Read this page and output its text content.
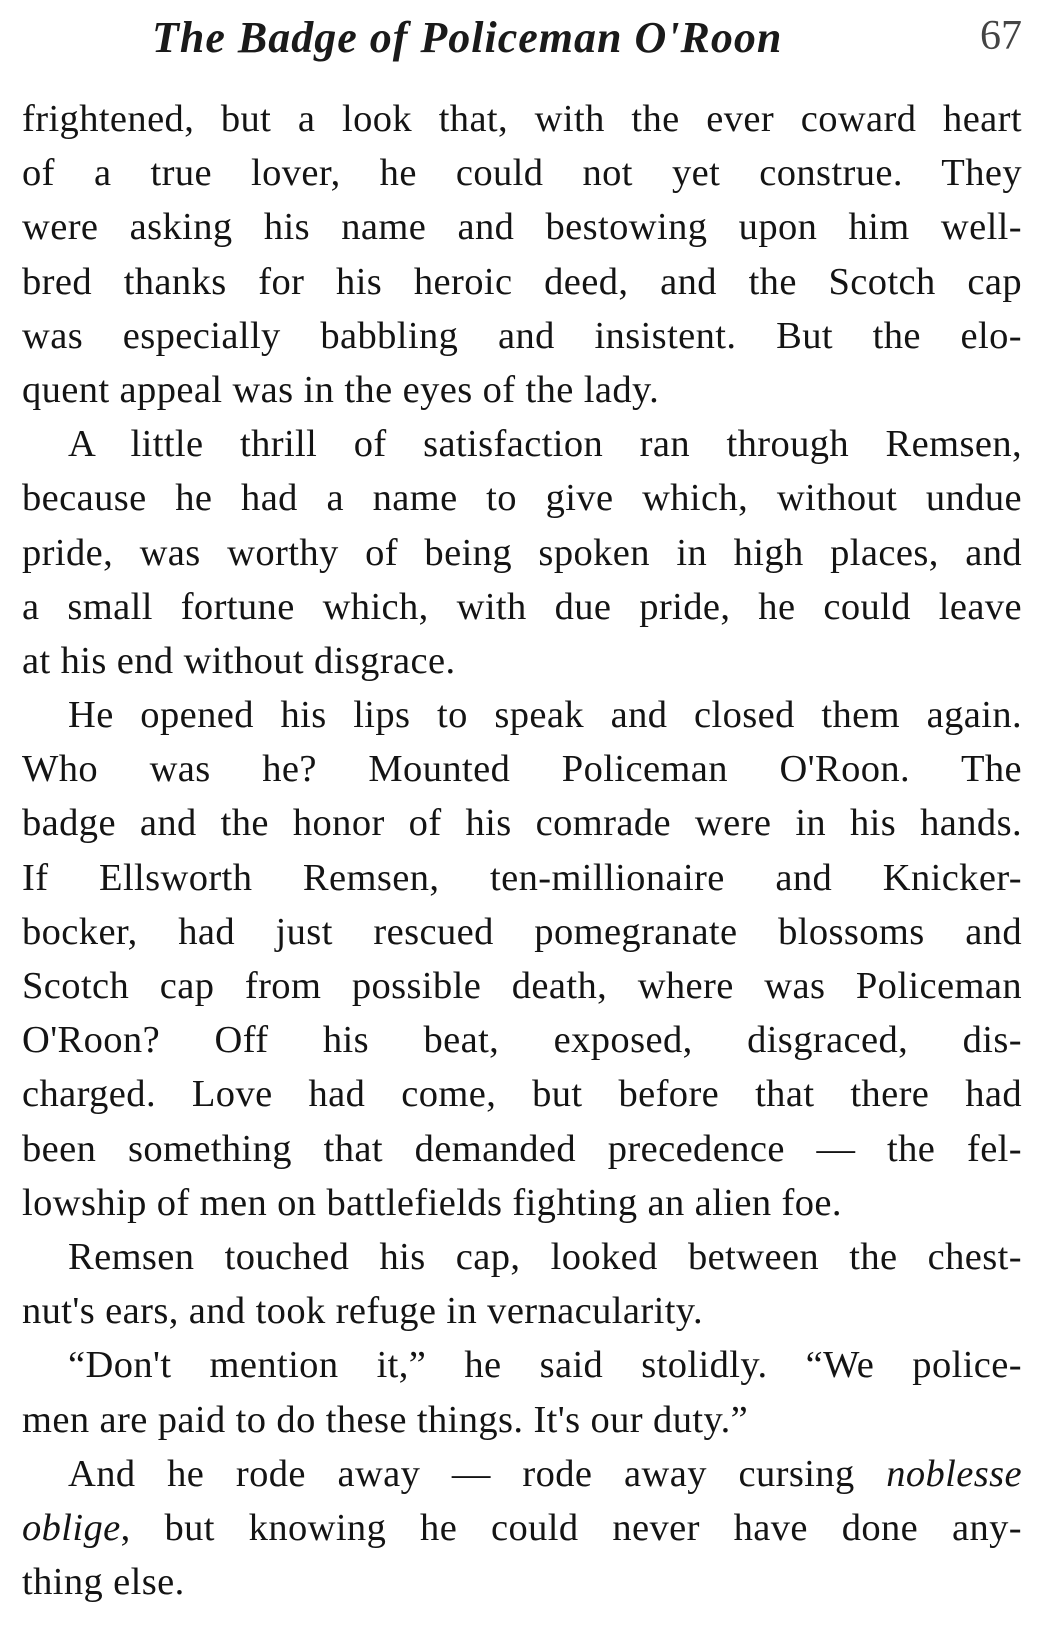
The Badge of Policeman O'Roon	67
frightened, but a look that, with the ever coward heart
of a true lover, he could not yet construe. They
were asking his name and bestowing upon him well-
bred thanks for his heroic deed, and the Scotch cap
was especially babbling and insistent. But the elo-
quent appeal was in the eyes of the lady.
A little thrill of satisfaction ran through Remsen,
because he had a name to give which, without undue
pride, was worthy of being spoken in high places, and
a small fortune which, with due pride, he could leave
at his end without disgrace.
He opened his lips to speak and closed them again.
Who was he? Mounted Policeman O'Roon. The
badge and the honor of his comrade were in his hands.
If Ellsworth Remsen, ten-millionaire and Knicker-
bocker, had just rescued pomegranate blossoms and
Scotch cap from possible death, where was Policeman
O'Roon? Off his beat, exposed, disgraced, dis-
charged. Love had come, but before that there had
been something that demanded precedence — the fel-
lowship of men on battlefields fighting an alien foe.
Remsen touched his cap, looked between the chest-
nut's ears, and took refuge in vernacularity.
“Don't mention it,” he said stolidly. “We police-
men are paid to do these things. It's our duty.”
And he rode away — rode away cursing noblesse
oblige, but knowing he could never have done any-
thing else.
